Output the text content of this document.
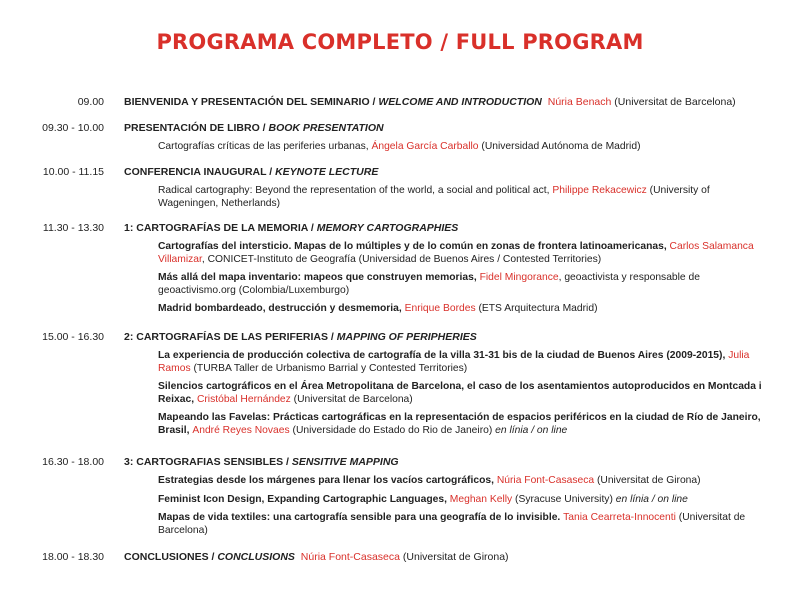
PROGRAMA COMPLETO / FULL PROGRAM
09.00 BIENVENIDA Y PRESENTACIÓN DEL SEMINARIO / WELCOME AND INTRODUCTION Núria Benach (Universitat de Barcelona)
09.30 - 10.00 PRESENTACIÓN DE LIBRO / BOOK PRESENTATION
Cartografías críticas de las periferies urbanas, Ángela García Carballo (Universidad Autónoma de Madrid)
10.00 - 11.15 CONFERENCIA INAUGURAL / KEYNOTE LECTURE
Radical cartography: Beyond the representation of the world, a social and political act, Philippe Rekacewicz (University of Wageningen, Netherlands)
11.30 - 13.30 1: CARTOGRAFÍAS DE LA MEMORIA / MEMORY CARTOGRAPHIES
Cartografías del intersticio. Mapas de lo múltiples y de lo común en zonas de frontera latinoamericanas, Carlos Salamanca Villamizar, CONICET-Instituto de Geografía (Universidad de Buenos Aires / Contested Territories)
Más allá del mapa inventario: mapeos que construyen memorias, Fidel Mingorance, geoactivista y responsable de geoactivismo.org (Colombia/Luxemburgo)
Madrid bombardeado, destrucción y desmemoria, Enrique Bordes (ETS Arquitectura Madrid)
15.00 - 16.30 2: CARTOGRAFÍAS DE LAS PERIFERIAS / MAPPING OF PERIPHERIES
La experiencia de producción colectiva de cartografía de la villa 31-31 bis de la ciudad de Buenos Aires (2009-2015), Julia Ramos (TURBA Taller de Urbanismo Barrial y Contested Territories)
Silencios cartográficos en el Área Metropolitana de Barcelona, el caso de los asentamientos autoproducidos en Montcada i Reixac, Cristóbal Hernández (Universitat de Barcelona)
Mapeando las Favelas: Prácticas cartográficas en la representación de espacios periféricos en la ciudad de Río de Janeiro, Brasil, André Reyes Novaes (Universidade do Estado do Rio de Janeiro) en línia / on line
16.30 - 18.00 3: CARTOGRAFIAS SENSIBLES / SENSITIVE MAPPING
Estrategias desde los márgenes para llenar los vacíos cartográficos, Núria Font-Casaseca (Universitat de Girona)
Feminist Icon Design, Expanding Cartographic Languages, Meghan Kelly (Syracuse University) en línia / on line
Mapas de vida textiles: una cartografía sensible para una geografía de lo invisible. Tania Cearreta-Innocenti (Universitat de Barcelona)
18.00 - 18.30 CONCLUSIONES / CONCLUSIONS Núria Font-Casaseca (Universitat de Girona)
